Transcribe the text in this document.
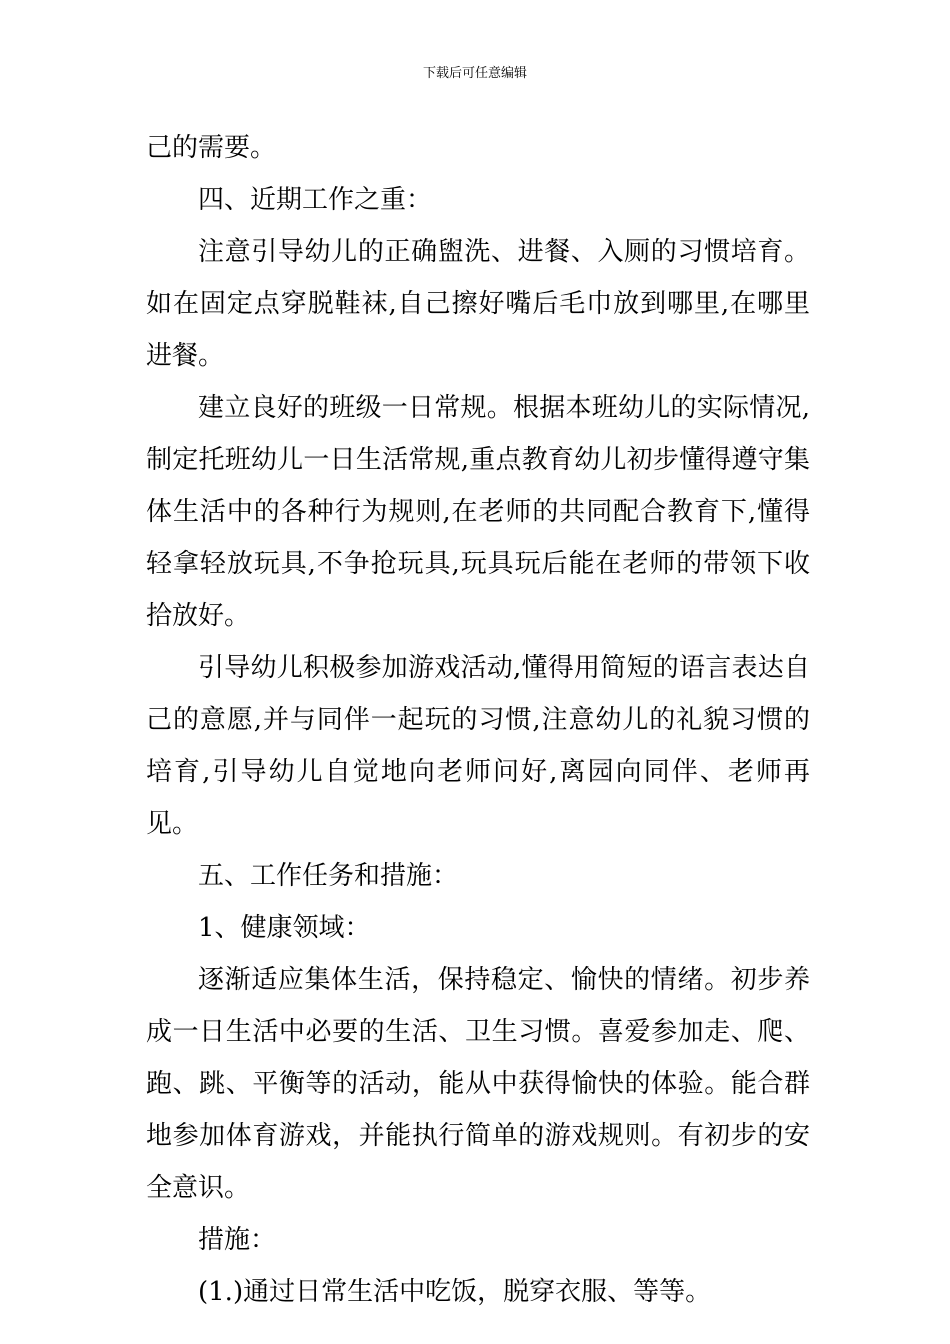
下载后可任意编辑

己的需要。

四、近期工作之重：

注意引导幼儿的正确盥洗、进餐、入厕的习惯培育。如在固定点穿脱鞋袜,自己擦好嘴后毛巾放到哪里,在哪里进餐。

建立良好的班级一日常规。根据本班幼儿的实际情况,制定托班幼儿一日生活常规,重点教育幼儿初步懂得遵守集体生活中的各种行为规则,在老师的共同配合教育下,懂得轻拿轻放玩具,不争抢玩具,玩具玩后能在老师的带领下收拾放好。

引导幼儿积极参加游戏活动,懂得用简短的语言表达自己的意愿,并与同伴一起玩的习惯,注意幼儿的礼貌习惯的培育,引导幼儿自觉地向老师问好,离园向同伴、老师再见。

五、工作任务和措施：

1、健康领域：

逐渐适应集体生活，保持稳定、愉快的情绪。初步养成一日生活中必要的生活、卫生习惯。喜爱参加走、爬、跑、跳、平衡等的活动，能从中获得愉快的体验。能合群地参加体育游戏，并能执行简单的游戏规则。有初步的安全意识。

措施：

(1.)通过日常生活中吃饭，脱穿衣服、等等。
